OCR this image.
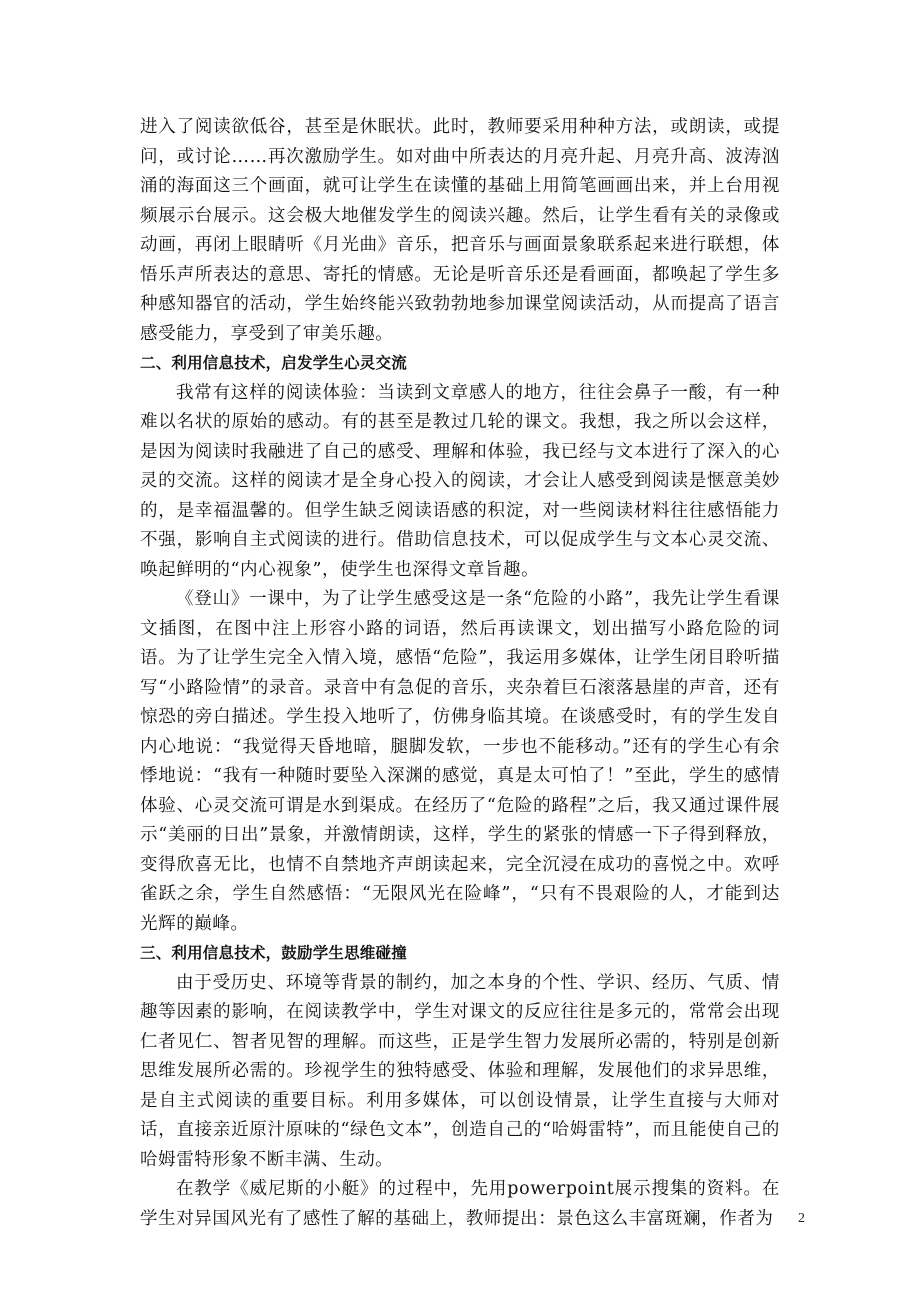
进入了阅读欲低谷，甚至是休眠状。此时，教师要采用种种方法，或朗读，或提问，或讨论……再次激励学生。如对曲中所表达的月亮升起、月亮升高、波涛汹涌的海面这三个画面，就可让学生在读懂的基础上用简笔画画出来，并上台用视频展示台展示。这会极大地催发学生的阅读兴趣。然后，让学生看有关的录像或动画，再闭上眼睛听《月光曲》音乐，把音乐与画面景象联系起来进行联想，体悟乐声所表达的意思、寄托的情感。无论是听音乐还是看画面，都唤起了学生多种感知器官的活动，学生始终能兴致勃勃地参加课堂阅读活动，从而提高了语言感受能力，享受到了审美乐趣。

二、利用信息技术，启发学生心灵交流

我常有这样的阅读体验：当读到文章感人的地方，往往会鼻子一酸，有一种难以名状的原始的感动。有的甚至是教过几轮的课文。我想，我之所以会这样，是因为阅读时我融进了自己的感受、理解和体验，我已经与文本进行了深入的心灵的交流。这样的阅读才是全身心投入的阅读，才会让人感受到阅读是惬意美妙的，是幸福温馨的。但学生缺乏阅读语感的积淀，对一些阅读材料往往感悟能力不强，影响自主式阅读的进行。借助信息技术，可以促成学生与文本心灵交流、唤起鲜明的“内心视象”，使学生也深得文章旨趣。

《登山》一课中，为了让学生感受这是一条“危险的小路”，我先让学生看课文插图，在图中注上形容小路的词语，然后再读课文，划出描写小路危险的词语。为了让学生完全入情入境，感悟“危险”，我运用多媒体，让学生闭目聆听描写“小路险情”的录音。录音中有急促的音乐，夹杂着巨石滚落悬崖的声音，还有惊恐的旁白描述。学生投入地听了，仿佛身临其境。在谈感受时，有的学生发自内心地说：“我觉得天昏地暗，腿脚发软，一步也不能移动。”还有的学生心有余悸地说：“我有一种随时要坠入深渊的感觉，真是太可怕了！”至此，学生的感情体验、心灵交流可谓是水到渠成。在经历了“危险的路程”之后，我又通过课件展示“美丽的日出”景象，并激情朗读，这样，学生的紧张的情感一下子得到释放，变得欣喜无比，也情不自禁地齐声朗读起来，完全沉浸在成功的喜悦之中。欢呼雀跃之余，学生自然感悟：“无限风光在险峰”，“只有不畏艰险的人，才能到达光辉的巅峰。

三、利用信息技术，鼓励学生思维碰撞

由于受历史、环境等背景的制约，加之本身的个性、学识、经历、气质、情趣等因素的影响，在阅读教学中，学生对课文的反应往往是多元的，常常会出现仁者见仁、智者见智的理解。而这些，正是学生智力发展所必需的，特别是创新思维发展所必需的。珍视学生的独特感受、体验和理解，发展他们的求异思维，是自主式阅读的重要目标。利用多媒体，可以创设情景，让学生直接与大师对话，直接亲近原汁原味的“绿色文本”，创造自己的“哈姆雷特”，而且能使自己的哈姆雷特形象不断丰满、生动。

在教学《威尼斯的小艇》的过程中，先用powerpoint展示搜集的资料。在学生对异国风光有了感性了解的基础上，教师提出：景色这么丰富斑斓，作者为	2
